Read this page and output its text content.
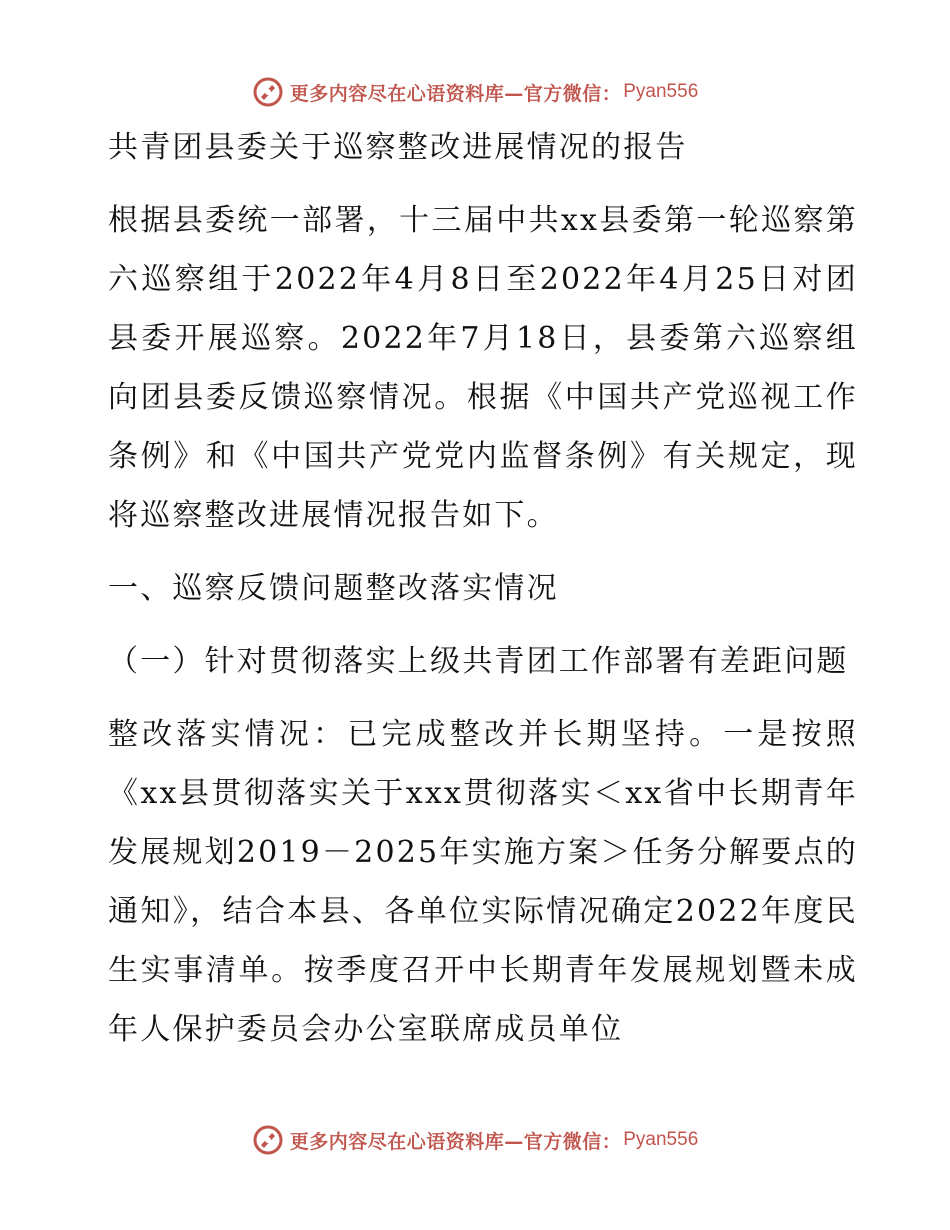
更多内容尽在心语资料库—官方微信： Pyan556

共青团县委关于巡察整改进展情况的报告

根据县委统一部署，十三届中共xx县委第一轮巡察第六巡察组于2022年4月8日至2022年4月25日对团县委开展巡察。2022年7月18日，县委第六巡察组向团县委反馈巡察情况。根据《中国共产党巡视工作条例》和《中国共产党党内监督条例》有关规定，现将巡察整改进展情况报告如下。

一、巡察反馈问题整改落实情况

（一）针对贯彻落实上级共青团工作部署有差距问题

整改落实情况：已完成整改并长期坚持。一是按照《xx县贯彻落实关于xxx贯彻落实＜xx省中长期青年发展规划2019－2025年实施方案＞任务分解要点的通知》，结合本县、各单位实际情况确定2022年度民生实事清单。按季度召开中长期青年发展规划暨未成年人保护委员会办公室联席成员单位

更多内容尽在心语资料库—官方微信： Pyan556
